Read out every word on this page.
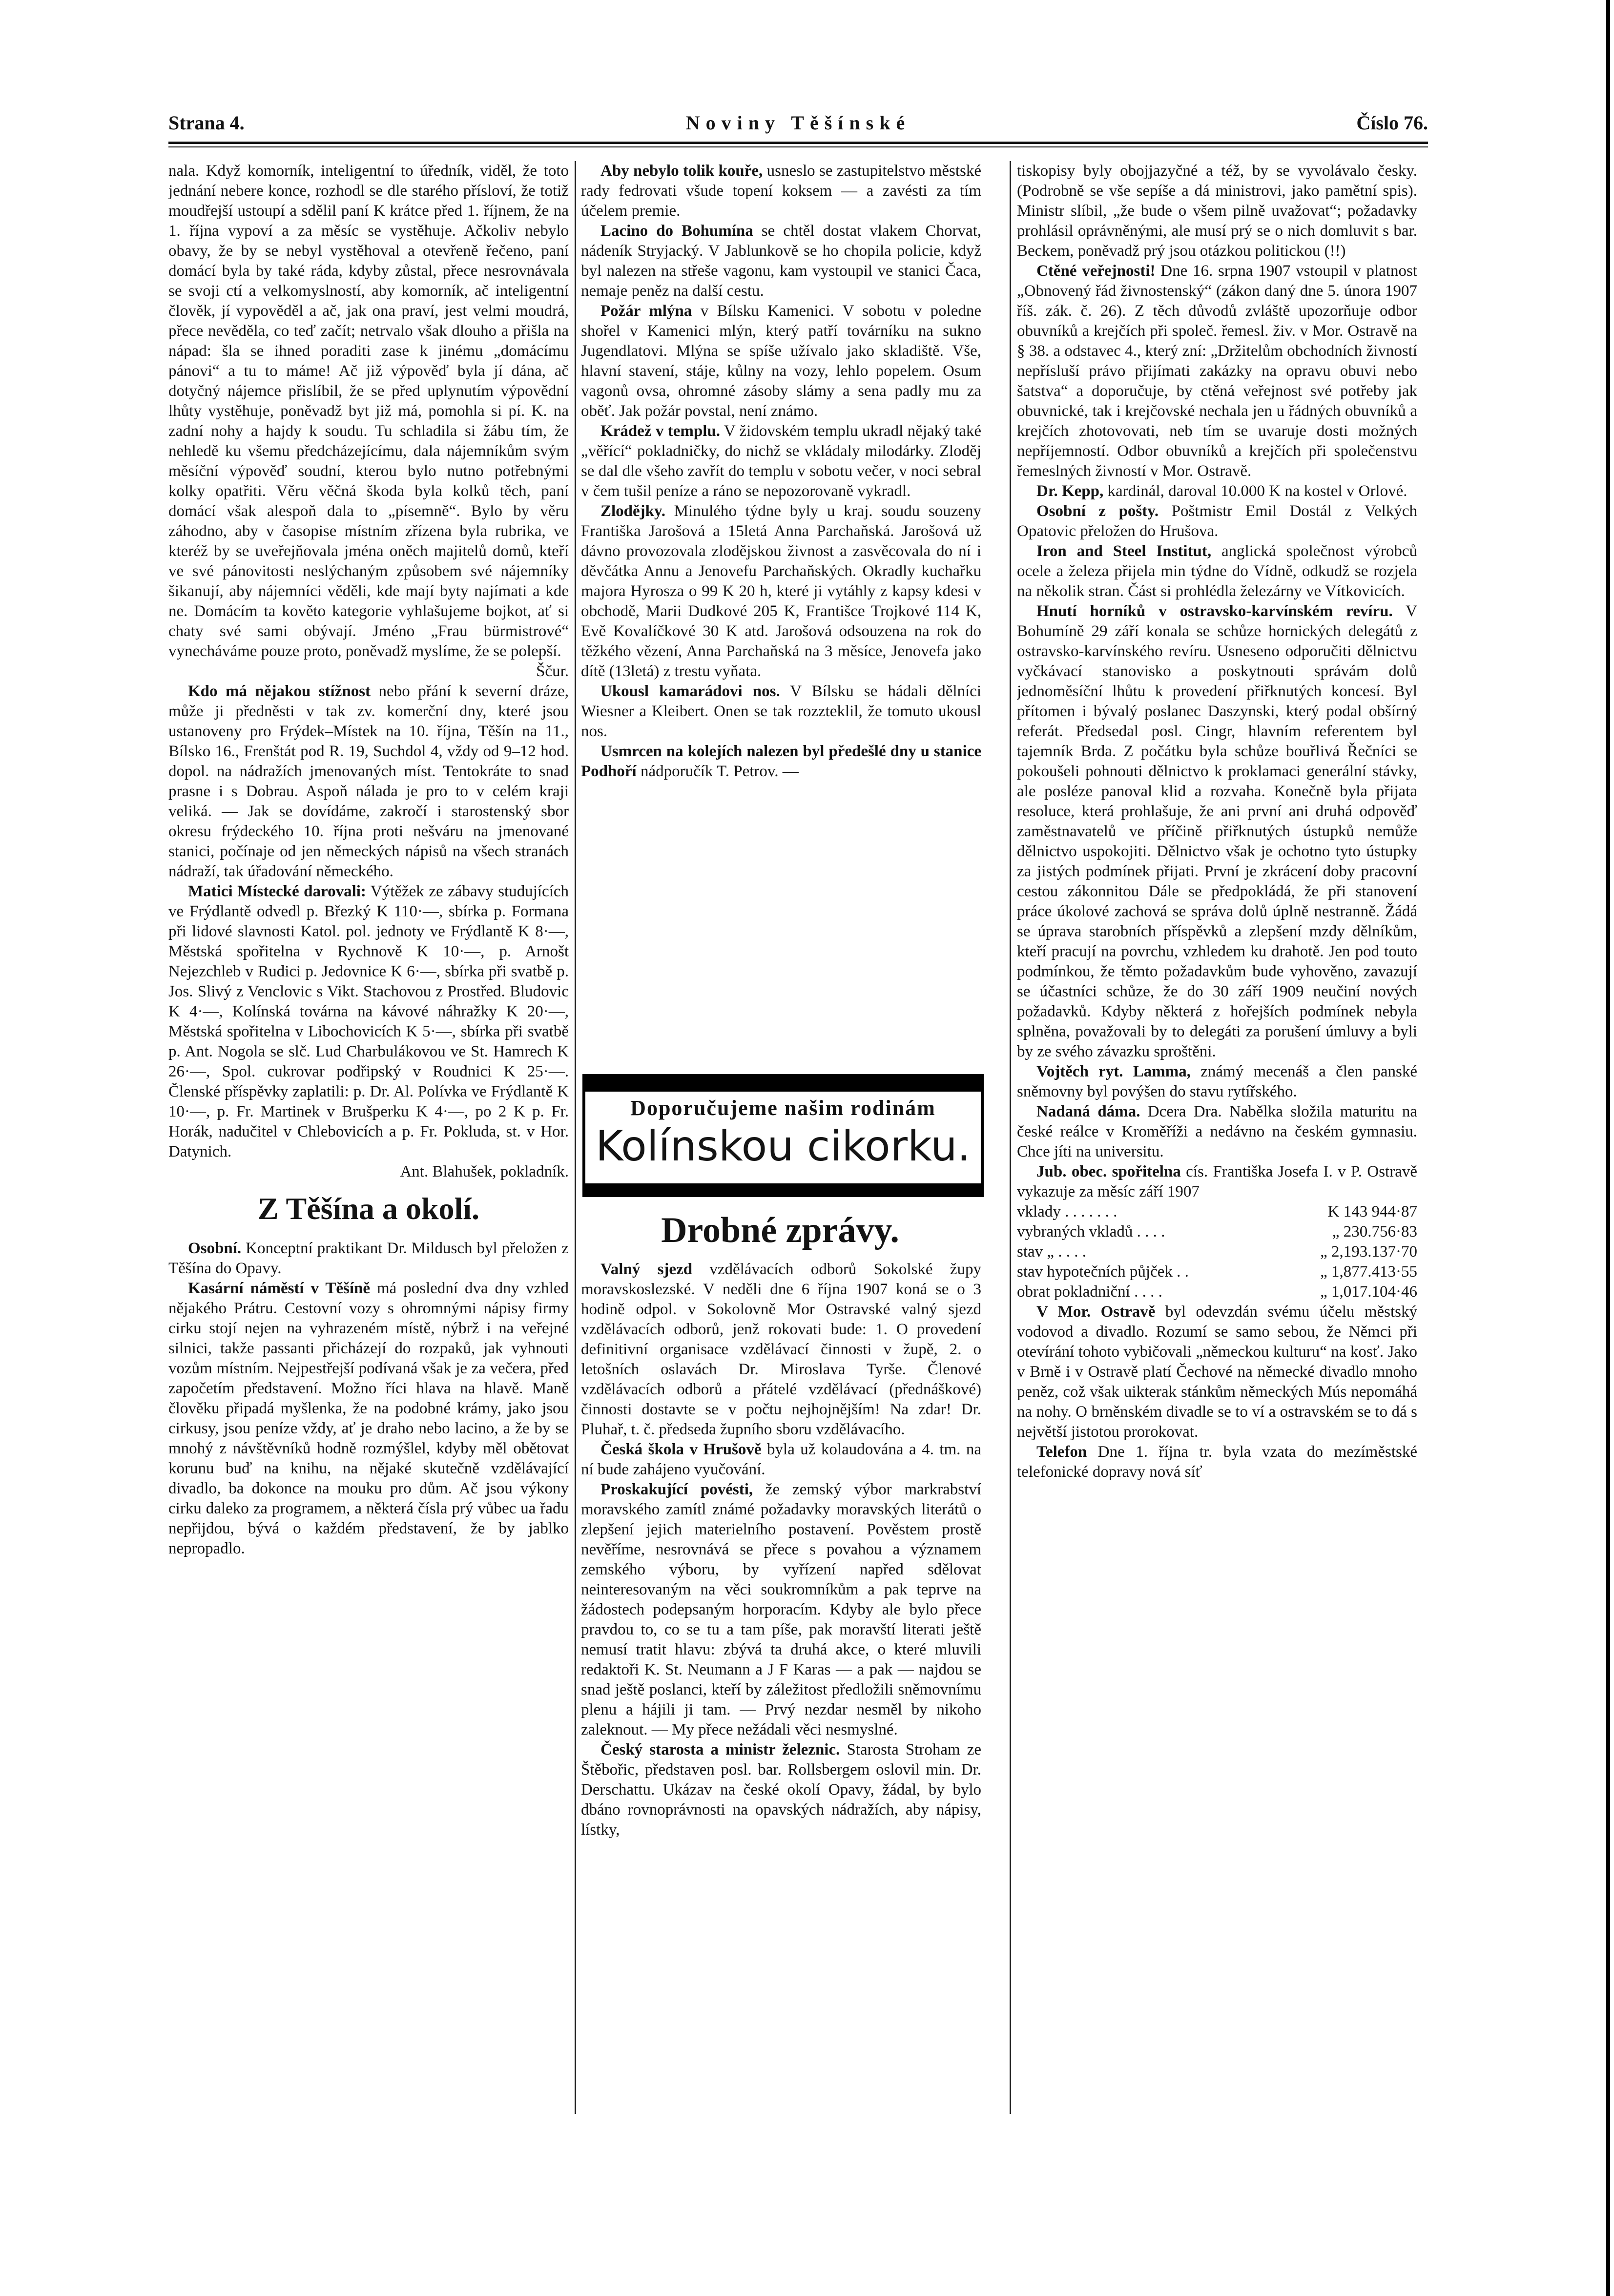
Strana 4.	Noviny Těšínské	Číslo 76.

nala. Když komorník, inteligentní to úředník, viděl, že toto jednání nebere konce, rozhodl se dle starého přísloví, že totiž moudřejší ustoupí a sdělil paní K krátce před 1. říjnem, že na 1. října vypoví a za měsíc se vystěhuje. Ačkoliv nebylo obavy, že by se nebyl vystěhoval a otevřeně řečeno, paní domácí byla by také ráda, kdyby zůstal, přece nesrovnávala se svoji ctí a velkomyslností, aby komorník, ač inteligentní člověk, jí vypověděl a ač, jak ona praví, jest velmi moudrá, přece nevěděla, co teď začít; netrvalo však dlouho a přišla na nápad: šla se ihned poraditi zase k jinému „domácímu pánovi“ a tu to máme! Ač již výpověď byla jí dána, ač dotyčný nájemce přislíbil, že se před uplynutím výpovědní lhůty vystěhuje, poněvadž byt již má, pomohla si pí. K. na zadní nohy a hajdy k soudu. Tu schladila si žábu tím, že nehledě ku všemu předcházejícímu, dala nájemníkům svým měsíční výpověď soudní, kterou bylo nutno potřebnými kolky opatřiti. Věru věčná škoda byla kolků těch, paní domácí však alespoň dala to „písemně“. Bylo by věru záhodno, aby v časopise místním zřízena byla rubrika, ve kteréž by se uveřejňovala jména oněch majitelů domů, kteří ve své pánovitosti neslýchaným způsobem své nájemníky šikanují, aby nájemníci věděli, kde mají byty najímati a kde ne. Domácím ta kověto kategorie vyhlašujeme bojkot, ať si chaty své sami obývají. Jméno „Frau bürmistrové“ vynecháváme pouze proto, poněvadž myslíme, že se polepší.

Ščur.

Kdo má nějakou stížnost nebo přání k severní dráze, může ji předněsti v tak zv. komerční dny, které jsou ustanoveny pro Frýdek–Místek na 10. října, Těšín na 11., Bílsko 16., Frenštát pod R. 19, Suchdol 4, vždy od 9–12 hod. dopol. na nádražích jmenovaných míst. Tentokráte to snad prasne i s Dobrau. Aspoň nálada je pro to v celém kraji veliká. — Jak se dovídáme, zakročí i starostenský sbor okresu frýdeckého 10. října proti nešváru na jmenované stanici, počínaje od jen německých nápisů na všech stranách nádraží, tak úřadování německého.

Matici Místecké darovali: Výtěžek ze zábavy studujících ve Frýdlantě odvedl p. Březký K 110·—, sbírka p. Formana při lidové slavnosti Katol. pol. jednoty ve Frýdlantě K 8·—, Městská spořitelna v Rychnově K 10·—, p. Arnošt Nejezchleb v Rudici p. Jedovnice K 6·—, sbírka při svatbě p. Jos. Slivý z Venclovic s Vikt. Stachovou z Prostřed. Bludovic K 4·—, Kolínská továrna na kávové náhražky K 20·—, Městská spořitelna v Libochovicích K 5·—, sbírka při svatbě p. Ant. Nogola se slč. Lud Charbulákovou ve St. Hamrech K 26·—, Spol. cukrovar podřipský v Roudnici K 25·—. Členské příspěvky zaplatili: p. Dr. Al. Polívka ve Frýdlantě K 10·—, p. Fr. Martinek v Brušperku K 4·—, po 2 K p. Fr. Horák, nadučitel v Chlebovicích a p. Fr. Pokluda, st. v Hor. Datynich.

Ant. Blahušek, pokladník.
Z Těšína a okolí.

Osobní. Konceptní praktikant Dr. Mildusch byl přeložen z Těšína do Opavy.

Kasární náměstí v Těšíně má poslední dva dny vzhled nějakého Prátru. Cestovní vozy s ohromnými nápisy firmy cirku stojí nejen na vyhrazeném místě, nýbrž i na veřejné silnici, takže passanti přicházejí do rozpaků, jak vyhnouti vozům místním. Nejpestřejší podívaná však je za večera, před započetím představení. Možno říci hlava na hlavě. Maně člověku připadá myšlenka, že na podobné krámy, jako jsou cirkusy, jsou peníze vždy, ať je draho nebo lacino, a že by se mnohý z návštěvníků hodně rozmýšlel, kdyby měl obětovat korunu buď na knihu, na nějaké skutečně vzdělávající divadlo, ba dokonce na mouku pro dům. Ač jsou výkony cirku daleko za programem, a některá čísla prý vůbec ua řadu nepřijdou, bývá o každém představení, že by jablko nepropadlo.

Aby nebylo tolik kouře, usneslo se zastupitelstvo městské rady fedrovati všude topení koksem — a zavésti za tím účelem premie.

Lacino do Bohumína se chtěl dostat vlakem Chorvat, nádeník Stryjacký. V Jablunkově se ho chopila policie, když byl nalezen na střeše vagonu, kam vystoupil ve stanici Čaca, nemaje peněz na další cestu.

Požár mlýna v Bílsku Kamenici. V sobotu v poledne shořel v Kamenici mlýn, který patří továrníku na sukno Jugendlatovi. Mlýna se spíše užívalo jako skladiště. Vše, hlavní stavení, stáje, kůlny na vozy, lehlo popelem. Osum vagonů ovsa, ohromné zásoby slámy a sena padly mu za oběť. Jak požár povstal, není známo.

Krádež v templu. V židovském templu ukradl nějaký také „věřící“ pokladničky, do nichž se vkládaly milodárky. Zloděj se dal dle všeho zavřít do templu v sobotu večer, v noci sebral v čem tušil peníze a ráno se nepozorovaně vykradl.

Zlodějky. Minulého týdne byly u kraj. soudu souzeny Františka Jarošová a 15letá Anna Parchaňská. Jarošová už dávno provozovala zlodějskou živnost a zasvěcovala do ní i děvčátka Annu a Jenovefu Parchaňských. Okradly kuchařku majora Hyrosza o 99 K 20 h, které ji vytáhly z kapsy kdesi v obchodě, Marii Dudkové 205 K, Františce Trojkové 114 K, Evě Kovalíčkové 30 K atd. Jarošová odsouzena na rok do těžkého vězení, Anna Parchaňská na 3 měsíce, Jenovefa jako dítě (13letá) z trestu vyňata.

Ukousl kamarádovi nos. V Bílsku se hádali dělníci Wiesner a Kleibert. Onen se tak rozzteklil, že tomuto ukousl nos.

Usmrcen na kolejích nalezen byl předešlé dny u stanice Podhoří nádporučík T. Petrov. —

Doporučujeme našim rodinám
Kolínskou cikorku.
Drobné zprávy.

Valný sjezd vzdělávacích odborů Sokolské župy moravskoslezské. V neděli dne 6 října 1907 koná se o 3 hodině odpol. v Sokolovně Mor Ostravské valný sjezd vzdělávacích odborů, jenž rokovati bude: 1. O provedení definitivní organisace vzdělávací činnosti v župě, 2. o letošních oslavách Dr. Miroslava Tyrše. Členové vzdělávacích odborů a přátelé vzdělávací (přednáškové) činnosti dostavte se v počtu nejhojnějším! Na zdar! Dr. Pluhař, t. č. předseda župního sboru vzdělávacího.

Česká škola v Hrušově byla už kolaudována a 4. tm. na ní bude zahájeno vyučování.

Proskakující povésti, že zemský výbor markrabství moravského zamítl známé požadavky moravských literátů o zlepšení jejich materielního postavení. Pověstem prostě nevěříme, nesrovnává se přece s povahou a významem zemského výboru, by vyřízení napřed sdělovat neinteresovaným na věci soukromníkům a pak teprve na žádostech podepsaným horporacím. Kdyby ale bylo přece pravdou to, co se tu a tam píše, pak moravští literati ještě nemusí tratit hlavu: zbývá ta druhá akce, o které mluvili redaktoři K. St. Neumann a J F Karas — a pak — najdou se snad ještě poslanci, kteří by záležitost předložili sněmovnímu plenu a hájili ji tam. — Prvý nezdar nesměl by nikoho zaleknout. — My přece nežádali věci nesmyslné.

Český starosta a ministr železnic. Starosta Stroham ze Štěbořic, představen posl. bar. Rollsbergem oslovil min. Dr. Derschattu. Ukázav na české okolí Opavy, žádal, by bylo dbáno rovnoprávnosti na opavských nádražích, aby nápisy, lístky,

tiskopisy byly obojjazyčné a též, by se vyvolávalo česky. (Podrobně se vše sepíše a dá ministrovi, jako pamětní spis). Ministr slíbil, „že bude o všem pilně uvažovat“; požadavky prohlásil oprávněnými, ale musí prý se o nich domluvit s bar. Beckem, poněvadž prý jsou otázkou politickou (!!)

Ctěné veřejnosti! Dne 16. srpna 1907 vstoupil v platnost „Obnovený řád živnostenský“ (zákon daný dne 5. února 1907 říš. zák. č. 26). Z těch důvodů zvláště upozorňuje odbor obuvníků a krejčích při společ. řemesl. živ. v Mor. Ostravě na § 38. a odstavec 4., který zní: „Držitelům obchodních živností nepřísluší právo přijímati zakázky na opravu obuvi nebo šatstva“ a doporučuje, by ctěná veřejnost své potřeby jak obuvnické, tak i krejčovské nechala jen u řádných obuvníků a krejčích zhotovovati, neb tím se uvaruje dosti možných nepříjemností. Odbor obuvníků a krejčích při společenstvu řemeslných živností v Mor. Ostravě.

Dr. Kepp, kardinál, daroval 10.000 K na kostel v Orlové.

Osobní z pošty. Poštmistr Emil Dostál z Velkých Opatovic přeložen do Hrušova.

Iron and Steel Institut, anglická společnost výrobců ocele a železa přijela min týdne do Vídně, odkudž se rozjela na několik stran. Část si prohlédla železárny ve Vítkovicích.

Hnutí horníků v ostravsko-karvínském revíru. V Bohumíně 29 září konala se schůze hornických delegátů z ostravsko-karvínského revíru. Usneseno odporučiti dělnictvu vyčkávací stanovisko a poskytnouti správám dolů jednoměsíční lhůtu k provedení přiřknutých koncesí. Byl přítomen i bývalý poslanec Daszynski, který podal obšírný referát. Předsedal posl. Cingr, hlavním referentem byl tajemník Brda. Z počátku byla schůze bouřlivá Řečníci se pokoušeli pohnouti dělnictvo k proklamaci generální stávky, ale posléze panoval klid a rozvaha. Konečně byla přijata resoluce, která prohlašuje, že ani první ani druhá odpověď zaměstnavatelů ve příčině přiřknutých ústupků nemůže dělnictvo uspokojiti. Dělnictvo však je ochotno tyto ústupky za jistých podmínek přijati. První je zkrácení doby pracovní cestou zákonnitou Dále se předpokládá, že při stanovení práce úkolové zachová se správa dolů úplně nestranně. Žádá se úprava starobních příspěvků a zlepšení mzdy dělníkům, kteří pracují na povrchu, vzhledem ku drahotě. Jen pod touto podmínkou, že těmto požadavkům bude vyhověno, zavazují se účastníci schůze, že do 30 září 1909 neučiní nových požadavků. Kdyby některá z hořejších podmínek nebyla splněna, považovali by to delegáti za porušení úmluvy a byli by ze svého závazku sproštěni.

Vojtěch ryt. Lamma, známý mecenáš a člen panské sněmovny byl povýšen do stavu rytířského.

Nadaná dáma. Dcera Dra. Nabělka složila maturitu na české reálce v Kroměříži a nedávno na českém gymnasiu. Chce jíti na universitu.

Jub. obec. spořitelna cís. Františka Josefa I. v P. Ostravě vykazuje za měsíc září 1907

vklady . . . . . . .	K 143 944·87
vybraných vkladů . . . .	„ 230.756·83
stav „ . . . .	„ 2,193.137·70
stav hypotečních půjček . .	„ 1,877.413·55
obrat pokladniční . . . .	„ 1,017.104·46

V Mor. Ostravě byl odevzdán svému účelu městský vodovod a divadlo. Rozumí se samo sebou, že Němci při otevírání tohoto vybičovali „německou kulturu“ na kosť. Jako v Brně i v Ostravě platí Čechové na německé divadlo mnoho peněz, což však uikterak stánkům německých Mús nepomáhá na nohy. O brněnském divadle se to ví a ostravském se to dá s největší jistotou prorokovat.

Telefon Dne 1. října tr. byla vzata do mezíměstské telefonické dopravy nová síť
